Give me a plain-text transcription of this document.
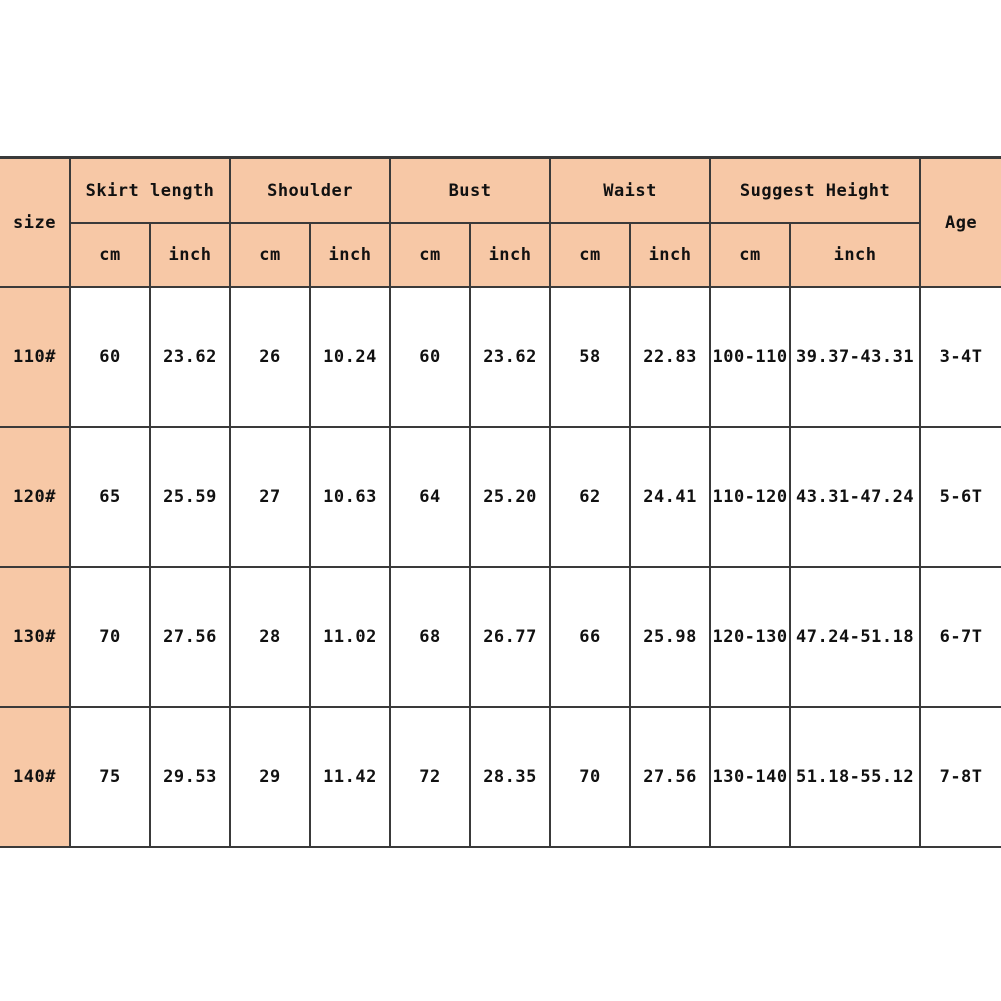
size	Skirt length		Shoulder		Bust		Waist		Suggest Height		Age
	cm	inch	cm	inch	cm	inch	cm	inch	cm	inch	
110#	60	23.62	26	10.24	60	23.62	58	22.83	100-110	39.37-43.31	3-4T
120#	65	25.59	27	10.63	64	25.20	62	24.41	110-120	43.31-47.24	5-6T
130#	70	27.56	28	11.02	68	26.77	66	25.98	120-130	47.24-51.18	6-7T
140#	75	29.53	29	11.42	72	28.35	70	27.56	130-140	51.18-55.12	7-8T
